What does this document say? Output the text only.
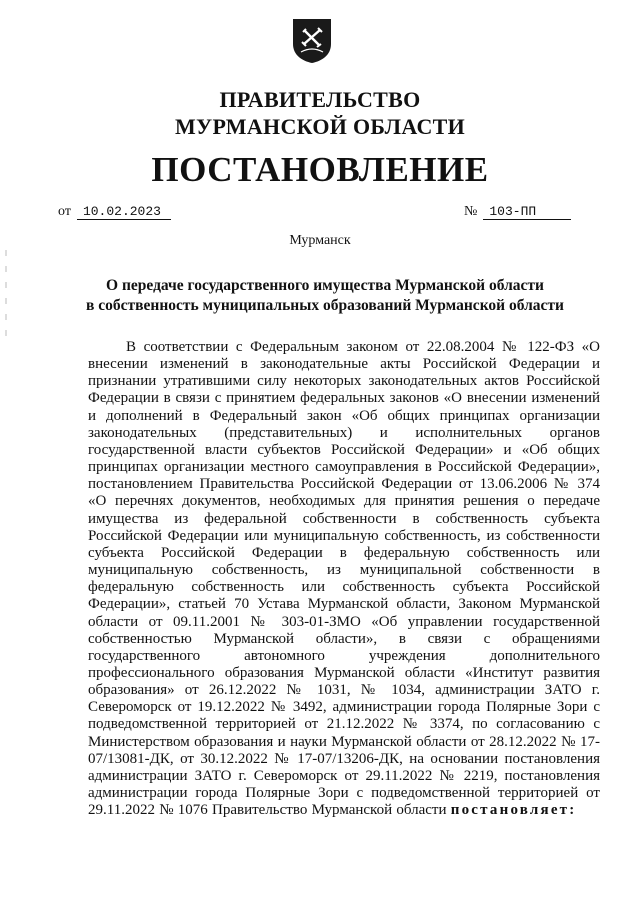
ПРАВИТЕЛЬСТВО
МУРМАНСКОЙ ОБЛАСТИ
ПОСТАНОВЛЕНИЕ
от 10.02.2023	№ 103-ПП
Мурманск
О передаче государственного имущества Мурманской области
в собственность муниципальных образований Мурманской области

В соответствии с Федеральным законом от 22.08.2004 № 122-ФЗ «О внесении изменений в законодательные акты Российской Федерации и признании утратившими силу некоторых законодательных актов Российской Федерации в связи с принятием федеральных законов «О внесении изменений и дополнений в Федеральный закон «Об общих принципах организации законодательных (представительных) и исполнительных органов государственной власти субъектов Российской Федерации» и «Об общих принципах организации местного самоуправления в Российской Федерации», постановлением Правительства Российской Федерации от 13.06.2006 № 374 «О перечнях документов, необходимых для принятия решения о передаче имущества из федеральной собственности в собственность субъекта Российской Федерации или муниципальную собственность, из собственности субъекта Российской Федерации в федеральную собственность или муниципальную собственность, из муниципальной собственности в федеральную собственность или собственность субъекта Российской Федерации», статьей 70 Устава Мурманской области, Законом Мурманской области от 09.11.2001 № 303-01-ЗМО «Об управлении государственной собственностью Мурманской области», в связи с обращениями государственного автономного учреждения дополнительного профессионального образования Мурманской области «Институт развития образования» от 26.12.2022 № 1031, № 1034, администрации ЗАТО г. Североморск от 19.12.2022 № 3492, администрации города Полярные Зори с подведомственной территорией от 21.12.2022 № 3374, по согласованию с Министерством образования и науки Мурманской области от 28.12.2022 № 17-07/13081-ДК, от 30.12.2022 № 17-07/13206-ДК, на основании постановления администрации ЗАТО г. Североморск от 29.11.2022 № 2219, постановления администрации города Полярные Зори с подведомственной территорией от 29.11.2022 № 1076 Правительство Мурманской области постановляет:
